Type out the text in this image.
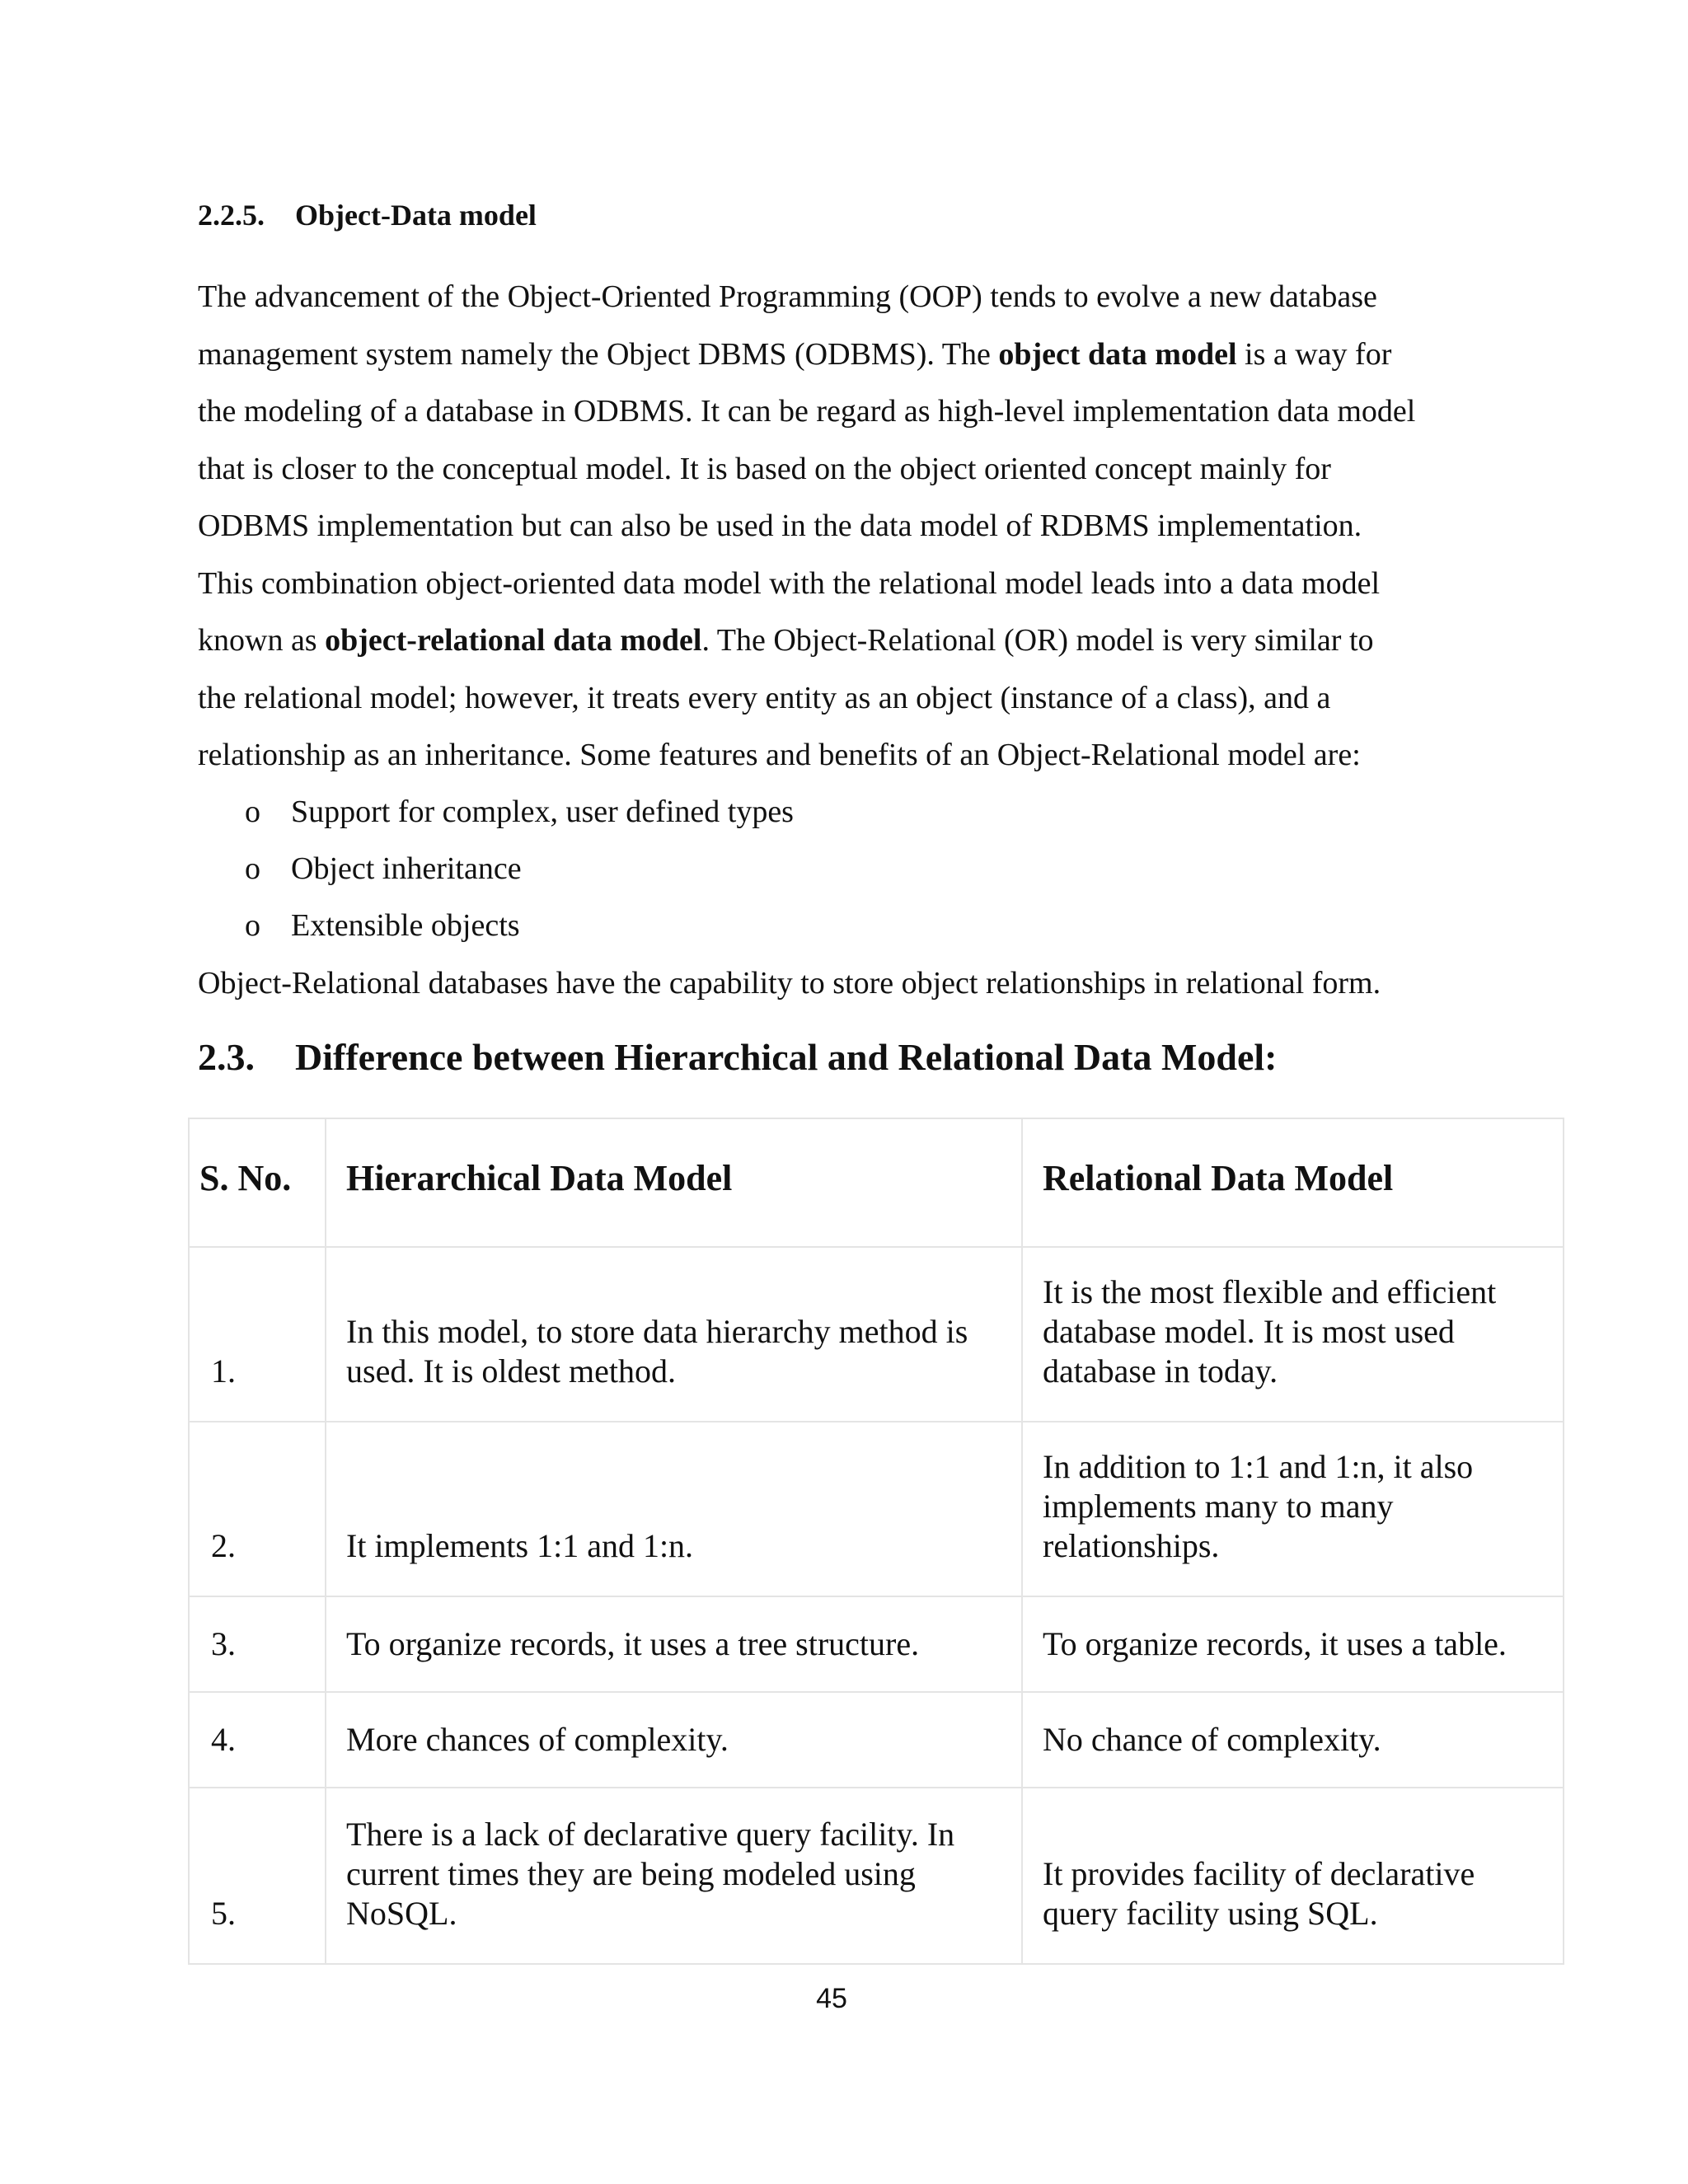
2.2.5. Object-Data model

The advancement of the Object-Oriented Programming (OOP) tends to evolve a new database
management system namely the Object DBMS (ODBMS). The object data model is a way for
the modeling of a database in ODBMS. It can be regard as high-level implementation data model
that is closer to the conceptual model. It is based on the object oriented concept mainly for
ODBMS implementation but can also be used in the data model of RDBMS implementation.
This combination object-oriented data model with the relational model leads into a data model
known as object-relational data model. The Object-Relational (OR) model is very similar to
the relational model; however, it treats every entity as an object (instance of a class), and a
relationship as an inheritance. Some features and benefits of an Object-Relational model are:

o Support for complex, user defined types
o Object inheritance
o Extensible objects
Object-Relational databases have the capability to store object relationships in relational form.
2.3. Difference between Hierarchical and Relational Data Model:
S. No.	Hierarchical Data Model	Relational Data Model
1.	In this model, to store data hierarchy method is
used. It is oldest method.	It is the most flexible and efficient
database model. It is most used
database in today.
2.	It implements 1:1 and 1:n.	In addition to 1:1 and 1:n, it also
implements many to many
relationships.
3.	To organize records, it uses a tree structure.	To organize records, it uses a table.
4.	More chances of complexity.	No chance of complexity.
5.	There is a lack of declarative query facility. In
current times they are being modeled using
NoSQL.	It provides facility of declarative
query facility using SQL.
45
